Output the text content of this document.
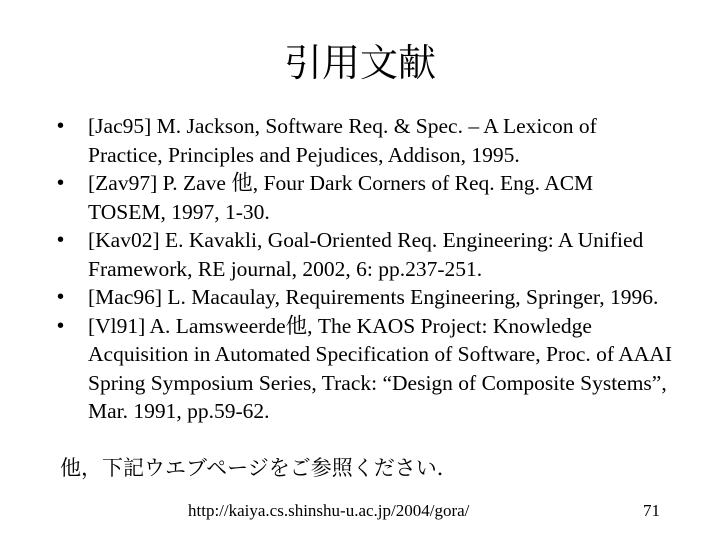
引用文献
• [Jac95] M. Jackson, Software Req. & Spec. – A Lexicon of Practice, Principles and Pejudices, Addison, 1995.
• [Zav97] P. Zave 他, Four Dark Corners of Req. Eng. ACM TOSEM, 1997, 1-30.
• [Kav02] E. Kavakli, Goal-Oriented Req. Engineering: A Unified Framework, RE journal, 2002, 6: pp.237-251.
• [Mac96] L. Macaulay, Requirements Engineering, Springer, 1996.
• [Vl91] A. Lamsweerde他, The KAOS Project: Knowledge Acquisition in Automated Specification of Software, Proc. of AAAI Spring Symposium Series, Track: “Design of Composite Systems”, Mar. 1991, pp.59-62.
他，下記ウエブページをご参照ください．
http://kaiya.cs.shinshu-u.ac.jp/2004/gora/	71
